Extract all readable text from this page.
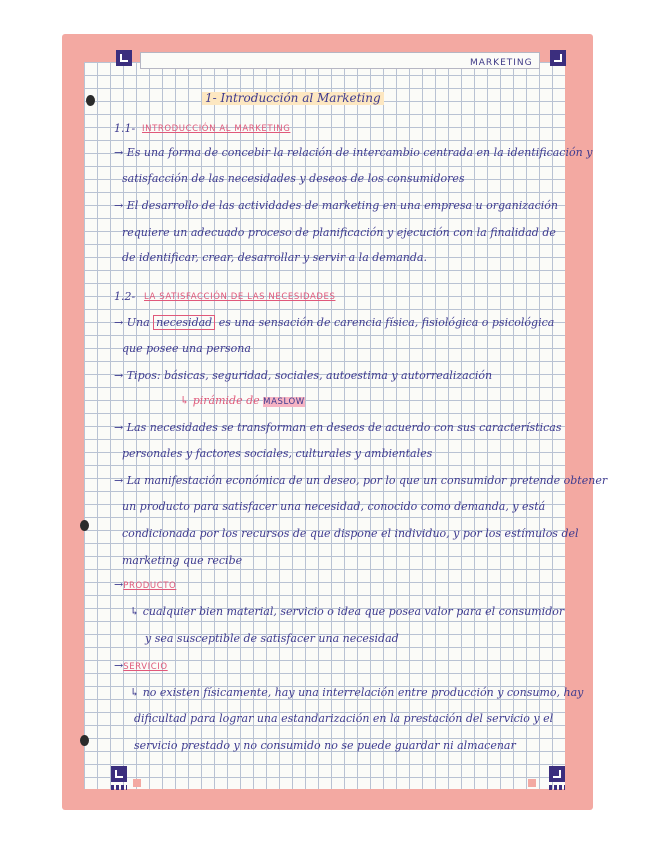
MARKETING
1- Introducción al Marketing
1.1- INTRODUCCIÓN AL MARKETING
→ Es una forma de concebir la relación de intercambio centrada en la identificación y
satisfacción de las necesidades y deseos de los consumidores
→ El desarrollo de las actividades de marketing en una empresa u organización
requiere un adecuado proceso de planificación y ejecución con la finalidad de
de identificar, crear, desarrollar y servir a la demanda.
1.2- LA SATISFACCIÓN DE LAS NECESIDADES
→ Una necesidad es una sensación de carencia física, fisiológica o psicológica
que posee una persona
→ Tipos: básicas, seguridad, sociales, autoestima y autorrealización
↳ pirámide de MASLOW
→ Las necesidades se transforman en deseos de acuerdo con sus características
personales y factores sociales, culturales y ambientales
→ La manifestación económica de un deseo, por lo que un consumidor pretende obtener
un producto para satisfacer una necesidad, conocido como demanda, y está
condicionada por los recursos de que dispone el individuo, y por los estímulos del
marketing que recibe
→PRODUCTO
↳ cualquier bien material, servicio o idea que posea valor para el consumidor
y sea susceptible de satisfacer una necesidad
→SERVICIO
↳ no existen físicamente, hay una interrelación entre producción y consumo, hay
dificultad para lograr una estandarización en la prestación del servicio y el
servicio prestado y no consumido no se puede guardar ni almacenar
